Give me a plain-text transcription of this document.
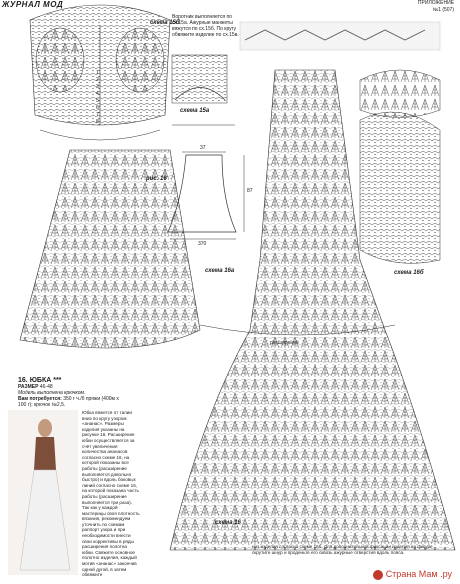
ЖУРНАЛ МОД	ПРИЛОЖЕНИЕ
№1 (507)
схема 15б
схема 15а
рис. 16
схема 16а	схема 16б
схема 16
расширение
1
2
3
4
5
6
7
8
37
87
370
Воротник выполняется по сх.15а. Ажурные манжеты вяжутся по сх.15б. По кругу обвяжите изделие по сх.15в.
16. ЮБКА ***
РАЗМЕР 46-48
Модель выполнена крючком.
Вам потребуется: 350 г ч./б пряжи (400м х 100 г); крючок №2,5.
Юбка вяжется от талии вниз по кругу узором «ананас». Размеры изделия указаны на рисунке 16. Расширение юбки осуществляется за счёт увеличения количества ананасов согласно схеме 16, на которой показаны все работы (расширение выполняется довольно быстро) и вдоль боковых линий согласно схеме 16, на которой показана часть работы (расширение выполняется три раза). Так как у каждой мастерицы своя плотность вязания, рекомендуем уточнить по схемам раппорт узора и при необходимости внести свои коррективы в ряды расширения полотна юбки. Свяжите основное полотно изделия, каждый мотив «ананас» закончив одной дугой, в затем обвяжите
низ изделия согласно схеме 16б. Для дополнительной фиксации изделия на фигуре скрутите шнур и проденьте его сквозь ажурные отверстия вдоль пояса.
Страна Мам .ру
